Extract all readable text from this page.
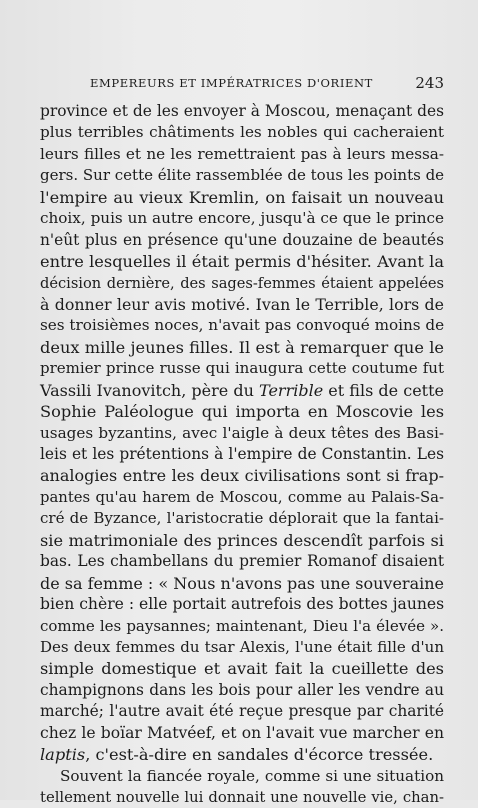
EMPEREURS ET IMPÉRATRICES D'ORIENT	243
province et de les envoyer à Moscou, menaçant des
plus terribles châtiments les nobles qui cacheraient
leurs filles et ne les remettraient pas à leurs messa-
gers. Sur cette élite rassemblée de tous les points de
l'empire au vieux Kremlin, on faisait un nouveau
choix, puis un autre encore, jusqu'à ce que le prince
n'eût plus en présence qu'une douzaine de beautés
entre lesquelles il était permis d'hésiter. Avant la
décision dernière, des sages-femmes étaient appelées
à donner leur avis motivé. Ivan le Terrible, lors de
ses troisièmes noces, n'avait pas convoqué moins de
deux mille jeunes filles. Il est à remarquer que le
premier prince russe qui inaugura cette coutume fut
Vassili Ivanovitch, père du Terrible et fils de cette
Sophie Paléologue qui importa en Moscovie les
usages byzantins, avec l'aigle à deux têtes des Basi-
leis et les prétentions à l'empire de Constantin. Les
analogies entre les deux civilisations sont si frap-
pantes qu'au harem de Moscou, comme au Palais-Sa-
cré de Byzance, l'aristocratie déplorait que la fantai-
sie matrimoniale des princes descendît parfois si
bas. Les chambellans du premier Romanof disaient
de sa femme : « Nous n'avons pas une souveraine
bien chère : elle portait autrefois des bottes jaunes
comme les paysannes; maintenant, Dieu l'a élevée ».
Des deux femmes du tsar Alexis, l'une était fille d'un
simple domestique et avait fait la cueillette des
champignons dans les bois pour aller les vendre au
marché; l'autre avait été reçue presque par charité
chez le boïar Matvéef, et on l'avait vue marcher en
laptis, c'est-à-dire en sandales d'écorce tressée.
Souvent la fiancée royale, comme si une situation
tellement nouvelle lui donnait une nouvelle vie, chan-
